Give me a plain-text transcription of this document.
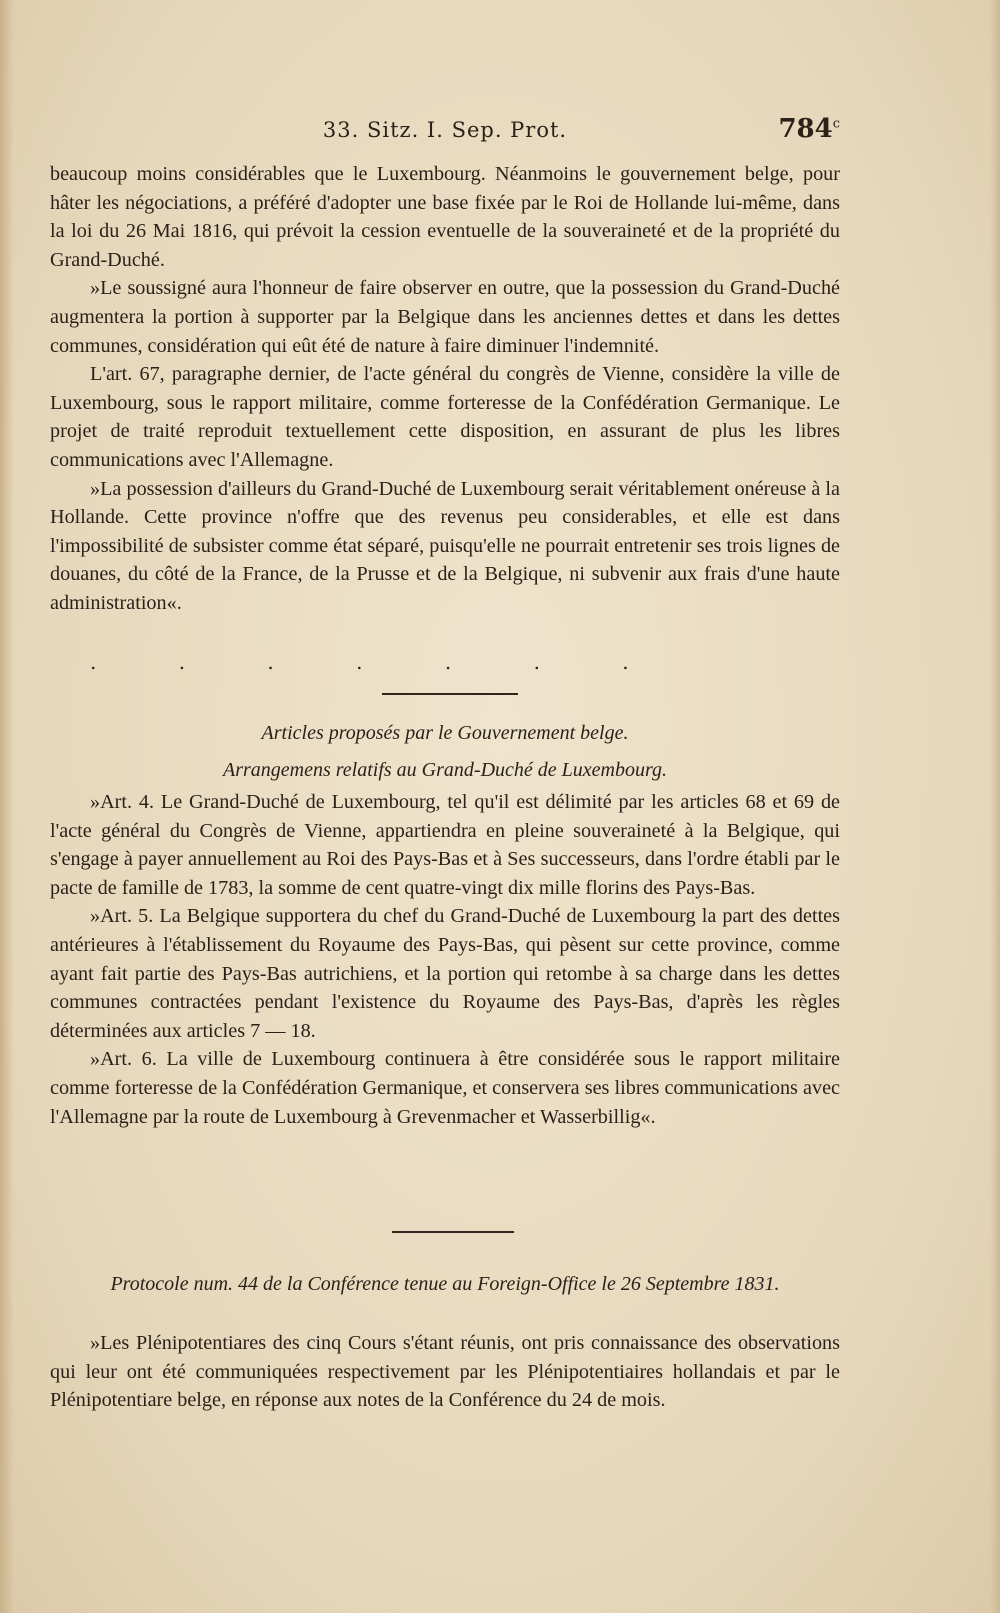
33. Sitz. I. Sep. Prot.	784$^c$

beaucoup moins considérables que le Luxembourg. Néanmoins le gouvernement belge, pour hâter les négociations, a préféré d'adopter une base fixée par le Roi de Hollande lui-même, dans la loi du 26 Mai 1816, qui prévoit la cession eventuelle de la souveraineté et de la propriété du Grand-Duché.

»Le soussigné aura l'honneur de faire observer en outre, que la possession du Grand-Duché augmentera la portion à supporter par la Belgique dans les anciennes dettes et dans les dettes communes, considération qui eût été de nature à faire diminuer l'indemnité.

L'art. 67, paragraphe dernier, de l'acte général du congrès de Vienne, considère la ville de Luxembourg, sous le rapport militaire, comme forteresse de la Confédération Germanique. Le projet de traité reproduit textuellement cette disposition, en assurant de plus les libres communications avec l'Allemagne.

»La possession d'ailleurs du Grand-Duché de Luxembourg serait véritablement onéreuse à la Hollande. Cette province n'offre que des revenus peu considerables, et elle est dans l'impossibilité de subsister comme état séparé, puisqu'elle ne pourrait entretenir ses trois lignes de douanes, du côté de la France, de la Prusse et de la Belgique, ni subvenir aux frais d'une haute administration«.

. . . . . . .
Articles proposés par le Gouvernement belge.
Arrangemens relatifs au Grand-Duché de Luxembourg.

»Art. 4. Le Grand-Duché de Luxembourg, tel qu'il est délimité par les articles 68 et 69 de l'acte général du Congrès de Vienne, appartiendra en pleine souveraineté à la Belgique, qui s'engage à payer annuellement au Roi des Pays-Bas et à Ses successeurs, dans l'ordre établi par le pacte de famille de 1783, la somme de cent quatre-vingt dix mille florins des Pays-Bas.

»Art. 5. La Belgique supportera du chef du Grand-Duché de Luxembourg la part des dettes antérieures à l'établissement du Royaume des Pays-Bas, qui pèsent sur cette province, comme ayant fait partie des Pays-Bas autrichiens, et la portion qui retombe à sa charge dans les dettes communes contractées pendant l'existence du Royaume des Pays-Bas, d'après les règles déterminées aux articles 7 — 18.

»Art. 6. La ville de Luxembourg continuera à être considérée sous le rapport militaire comme forteresse de la Confédération Germanique, et conservera ses libres communications avec l'Allemagne par la route de Luxembourg à Grevenmacher et Wasserbillig«.

Protocole num. 44 de la Conférence tenue au Foreign-Office le 26 Septembre 1831.

»Les Plénipotentiares des cinq Cours s'étant réunis, ont pris connaissance des observations qui leur ont été communiquées respectivement par les Plénipotentiaires hollandais et par le Plénipotentiare belge, en réponse aux notes de la Conférence du 24 de mois.
